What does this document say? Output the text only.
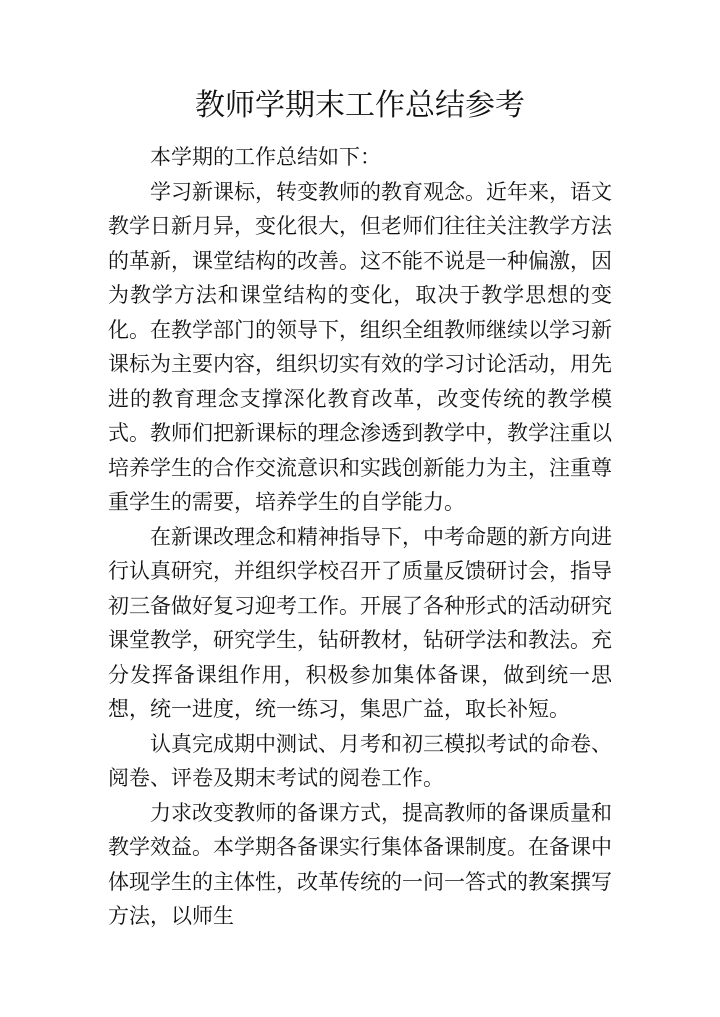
教师学期末工作总结参考

本学期的工作总结如下：

学习新课标，转变教师的教育观念。近年来，语文教学日新月异，变化很大，但老师们往往关注教学方法的革新，课堂结构的改善。这不能不说是一种偏激，因为教学方法和课堂结构的变化，取决于教学思想的变化。在教学部门的领导下，组织全组教师继续以学习新课标为主要内容，组织切实有效的学习讨论活动，用先进的教育理念支撑深化教育改革，改变传统的教学模式。教师们把新课标的理念渗透到教学中，教学注重以培养学生的合作交流意识和实践创新能力为主，注重尊重学生的需要，培养学生的自学能力。

在新课改理念和精神指导下，中考命题的新方向进行认真研究，并组织学校召开了质量反馈研讨会，指导初三备做好复习迎考工作。开展了各种形式的活动研究课堂教学，研究学生，钻研教材，钻研学法和教法。充分发挥备课组作用，积极参加集体备课，做到统一思想，统一进度，统一练习，集思广益，取长补短。

认真完成期中测试、月考和初三模拟考试的命卷、阅卷、评卷及期末考试的阅卷工作。

力求改变教师的备课方式，提高教师的备课质量和教学效益。本学期各备课实行集体备课制度。在备课中体现学生的主体性，改革传统的一问一答式的教案撰写方法，以师生
